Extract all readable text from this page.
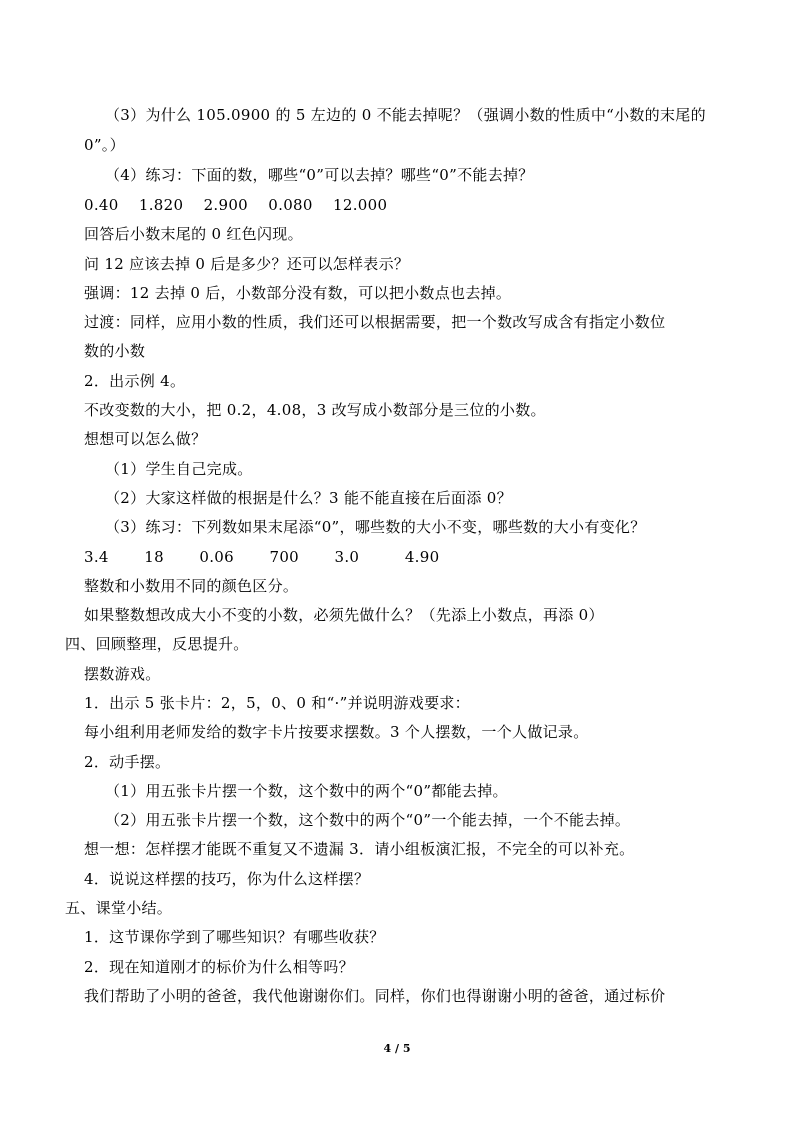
（3）为什么 105.0900 的 5 左边的 0 不能去掉呢？（强调小数的性质中“小数的末尾的
0”。）
（4）练习：下面的数，哪些“0”可以去掉？哪些“0”不能去掉？
0.40    1.820    2.900    0.080    12.000
回答后小数末尾的 0 红色闪现。
问 12 应该去掉 0 后是多少？还可以怎样表示？
强调：12 去掉 0 后，小数部分没有数，可以把小数点也去掉。
过渡：同样，应用小数的性质，我们还可以根据需要，把一个数改写成含有指定小数位
数的小数
2．出示例 4。
不改变数的大小，把 0.2，4.08，3 改写成小数部分是三位的小数。
想想可以怎么做？
（1）学生自己完成。
（2）大家这样做的根据是什么？3 能不能直接在后面添 0？
（3）练习：下列数如果末尾添“0”，哪些数的大小不变，哪些数的大小有变化？
3.4       18       0.06       700       3.0         4.90
整数和小数用不同的颜色区分。
如果整数想改成大小不变的小数，必须先做什么？（先添上小数点，再添 0）
四、回顾整理，反思提升。
摆数游戏。
1．出示 5 张卡片：2，5，0、0 和“·”并说明游戏要求：
每小组利用老师发给的数字卡片按要求摆数。3 个人摆数，一个人做记录。
2．动手摆。
（1）用五张卡片摆一个数，这个数中的两个“0”都能去掉。
（2）用五张卡片摆一个数，这个数中的两个“0”一个能去掉，一个不能去掉。
想一想：怎样摆才能既不重复又不遗漏 3．请小组板演汇报，不完全的可以补充。
4．说说这样摆的技巧，你为什么这样摆？
五、课堂小结。
1．这节课你学到了哪些知识？有哪些收获？
2．现在知道刚才的标价为什么相等吗？
我们帮助了小明的爸爸，我代他谢谢你们。同样，你们也得谢谢小明的爸爸，通过标价
4 / 5
